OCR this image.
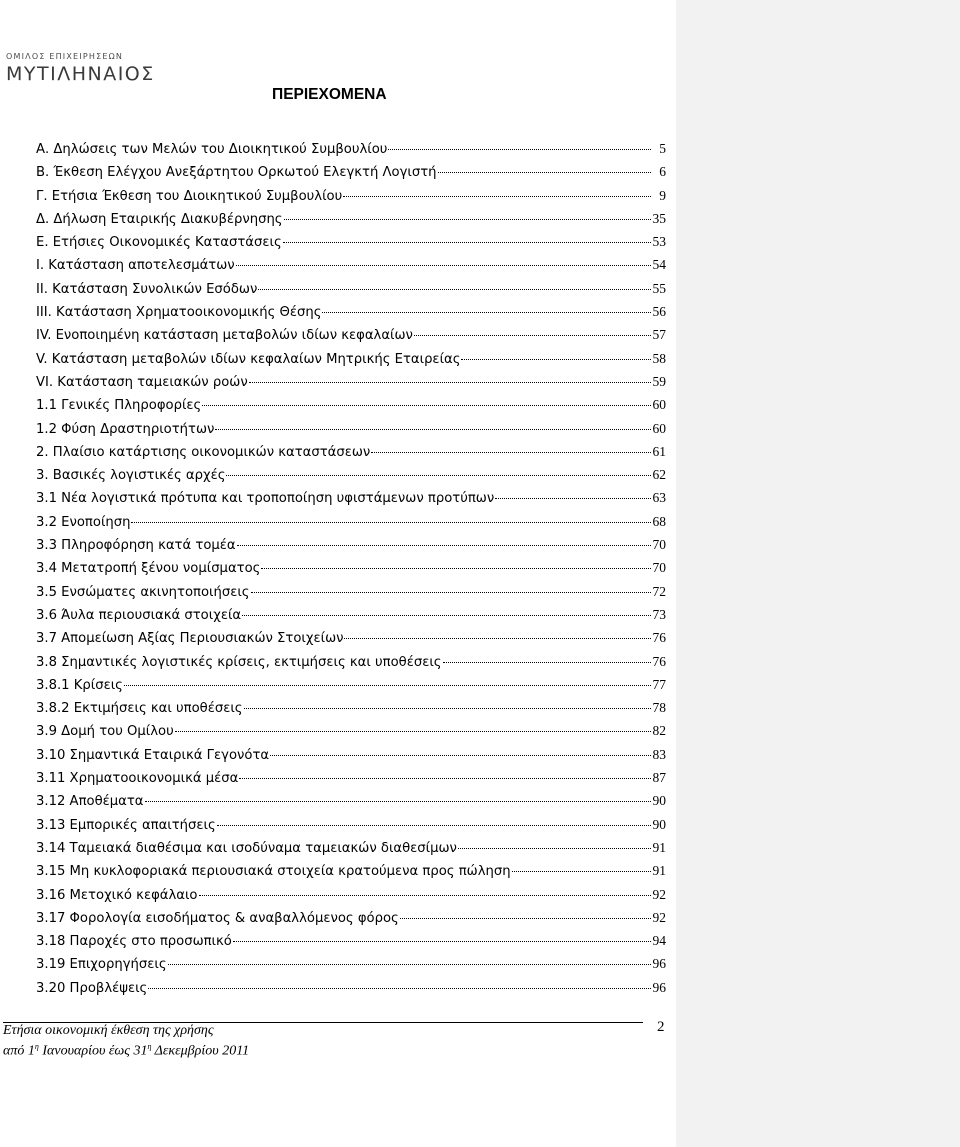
ΟΜΙΛΟΣ ΕΠΙΧΕΙΡΗΣΕΩΝ
ΜΥΤΙΛΗΝΑΙΟΣ
ΠΕΡΙΕΧΟΜΕΝΑ
Α. Δηλώσεις των Μελών του Διοικητικού Συμβουλίου	5
Β. Έκθεση Ελέγχου Ανεξάρτητου Ορκωτού Ελεγκτή Λογιστή	6
Γ. Ετήσια Έκθεση του Διοικητικού Συμβουλίου	9
Δ. Δήλωση Εταιρικής Διακυβέρνησης	35
Ε. Ετήσιες Οικονομικές Καταστάσεις	53
I. Κατάσταση αποτελεσμάτων	54
II. Κατάσταση Συνολικών Εσόδων	55
III. Κατάσταση Χρηματοοικονομικής Θέσης	56
IV. Ενοποιημένη κατάσταση μεταβολών ιδίων κεφαλαίων	57
V. Κατάσταση μεταβολών ιδίων κεφαλαίων Μητρικής Εταιρείας	58
VI. Κατάσταση ταμειακών ροών	59
1.1 Γενικές Πληροφορίες	60
1.2 Φύση Δραστηριοτήτων	60
2. Πλαίσιο κατάρτισης οικονομικών καταστάσεων	61
3. Βασικές λογιστικές αρχές	62
3.1 Νέα λογιστικά πρότυπα και τροποποίηση υφιστάμενων προτύπων	63
3.2 Ενοποίηση	68
3.3 Πληροφόρηση κατά τομέα	70
3.4 Μετατροπή ξένου νομίσματος	70
3.5 Ενσώματες ακινητοποιήσεις	72
3.6 Άυλα περιουσιακά στοιχεία	73
3.7 Απομείωση Αξίας Περιουσιακών Στοιχείων	76
3.8 Σημαντικές λογιστικές κρίσεις, εκτιμήσεις και υποθέσεις	76
3.8.1 Κρίσεις	77
3.8.2 Εκτιμήσεις και υποθέσεις	78
3.9 Δομή του Ομίλου	82
3.10 Σημαντικά Εταιρικά Γεγονότα	83
3.11 Χρηματοοικονομικά μέσα	87
3.12 Αποθέματα	90
3.13 Εμπορικές απαιτήσεις	90
3.14 Ταμειακά διαθέσιμα και ισοδύναμα ταμειακών διαθεσίμων	91
3.15 Μη κυκλοφοριακά περιουσιακά στοιχεία κρατούμενα προς πώληση	91
3.16 Μετοχικό κεφάλαιο	92
3.17 Φορολογία εισοδήματος & αναβαλλόμενος φόρος	92
3.18 Παροχές στο προσωπικό	94
3.19 Επιχορηγήσεις	96
3.20 Προβλέψεις	96
Ετήσια οικονομική έκθεση της χρήσης
από $1^\eta$ Ιανουαρίου έως $31^\eta$ Δεκεμβρίου 2011
2
